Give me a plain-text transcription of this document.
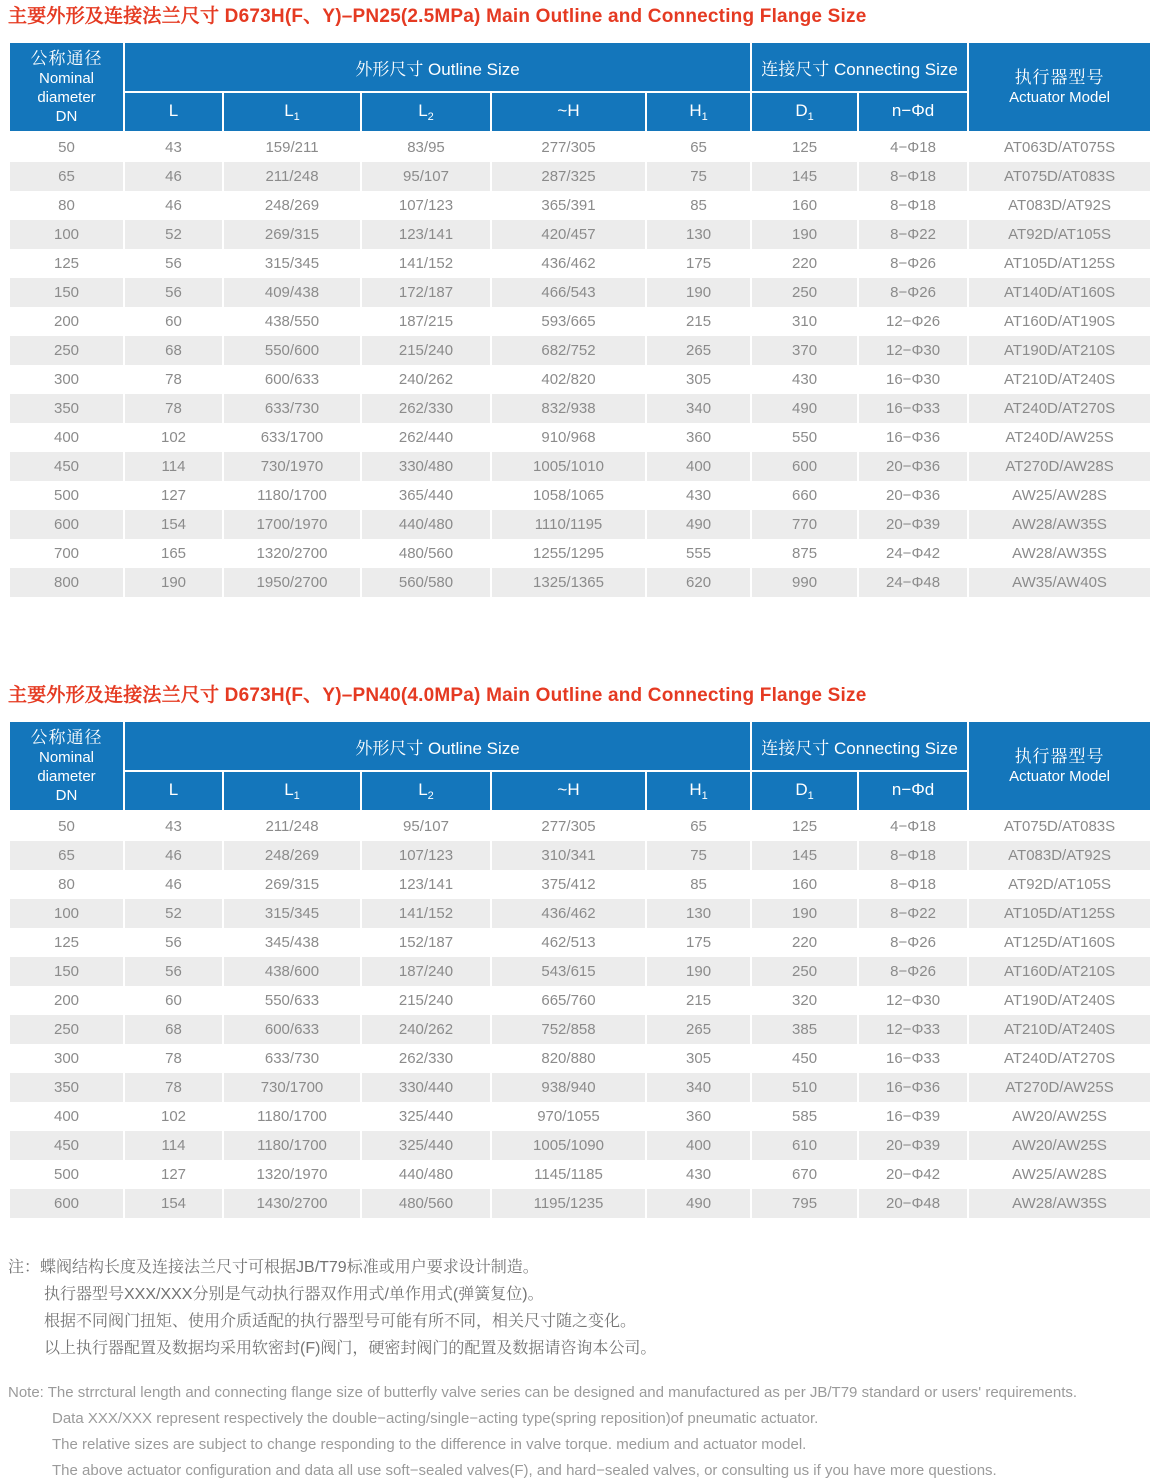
主要外形及连接法兰尺寸 D673H(F、Y)–PN25(2.5MPa) Main Outline and Connecting Flange Size
公称通径
Nominal
diameter
DN
	外形尺寸 Outline Size	连接尺寸 Connecting Size	执行器型号
Actuator Model

	L	$L_1$	$L_2$	~H	$H_1$	$D_1$	n−Φd	
50	43	159/211	83/95	277/305	65	125	4−Φ18	AT063D/AT075S
65	46	211/248	95/107	287/325	75	145	8−Φ18	AT075D/AT083S
80	46	248/269	107/123	365/391	85	160	8−Φ18	AT083D/AT92S
100	52	269/315	123/141	420/457	130	190	8−Φ22	AT92D/AT105S
125	56	315/345	141/152	436/462	175	220	8−Φ26	AT105D/AT125S
150	56	409/438	172/187	466/543	190	250	8−Φ26	AT140D/AT160S
200	60	438/550	187/215	593/665	215	310	12−Φ26	AT160D/AT190S
250	68	550/600	215/240	682/752	265	370	12−Φ30	AT190D/AT210S
300	78	600/633	240/262	402/820	305	430	16−Φ30	AT210D/AT240S
350	78	633/730	262/330	832/938	340	490	16−Φ33	AT240D/AT270S
400	102	633/1700	262/440	910/968	360	550	16−Φ36	AT240D/AW25S
450	114	730/1970	330/480	1005/1010	400	600	20−Φ36	AT270D/AW28S
500	127	1180/1700	365/440	1058/1065	430	660	20−Φ36	AW25/AW28S
600	154	1700/1970	440/480	1110/1195	490	770	20−Φ39	AW28/AW35S
700	165	1320/2700	480/560	1255/1295	555	875	24−Φ42	AW28/AW35S
800	190	1950/2700	560/580	1325/1365	620	990	24−Φ48	AW35/AW40S
主要外形及连接法兰尺寸 D673H(F、Y)–PN40(4.0MPa) Main Outline and Connecting Flange Size
公称通径
Nominal
diameter
DN
	外形尺寸 Outline Size	连接尺寸 Connecting Size	执行器型号
Actuator Model

	L	$L_1$	$L_2$	~H	$H_1$	$D_1$	n−Φd	
50	43	211/248	95/107	277/305	65	125	4−Φ18	AT075D/AT083S
65	46	248/269	107/123	310/341	75	145	8−Φ18	AT083D/AT92S
80	46	269/315	123/141	375/412	85	160	8−Φ18	AT92D/AT105S
100	52	315/345	141/152	436/462	130	190	8−Φ22	AT105D/AT125S
125	56	345/438	152/187	462/513	175	220	8−Φ26	AT125D/AT160S
150	56	438/600	187/240	543/615	190	250	8−Φ26	AT160D/AT210S
200	60	550/633	215/240	665/760	215	320	12−Φ30	AT190D/AT240S
250	68	600/633	240/262	752/858	265	385	12−Φ33	AT210D/AT240S
300	78	633/730	262/330	820/880	305	450	16−Φ33	AT240D/AT270S
350	78	730/1700	330/440	938/940	340	510	16−Φ36	AT270D/AW25S
400	102	1180/1700	325/440	970/1055	360	585	16−Φ39	AW20/AW25S
450	114	1180/1700	325/440	1005/1090	400	610	20−Φ39	AW20/AW25S
500	127	1320/1970	440/480	1145/1185	430	670	20−Φ42	AW25/AW28S
600	154	1430/2700	480/560	1195/1235	490	795	20−Φ48	AW28/AW35S
注：蝶阀结构长度及连接法兰尺寸可根据JB/T79标准或用户要求设计制造。
执行器型号XXX/XXX分别是气动执行器双作用式/单作用式(弹簧复位)。
根据不同阀门扭矩、使用介质适配的执行器型号可能有所不同，相关尺寸随之变化。
以上执行器配置及数据均采用软密封(F)阀门，硬密封阀门的配置及数据请咨询本公司。
Note: The strrctural length and connecting flange size of butterfly valve series can be designed and manufactured as per JB/T79 standard or users' requirements.
Data XXX/XXX represent respectively the double−acting/single−acting type(spring reposition)of pneumatic actuator.
The relative sizes are subject to change responding to the difference in valve torque. medium and actuator model.
The above actuator configuration and data all use soft−sealed valves(F), and hard−sealed valves, or consulting us if you have more questions.
